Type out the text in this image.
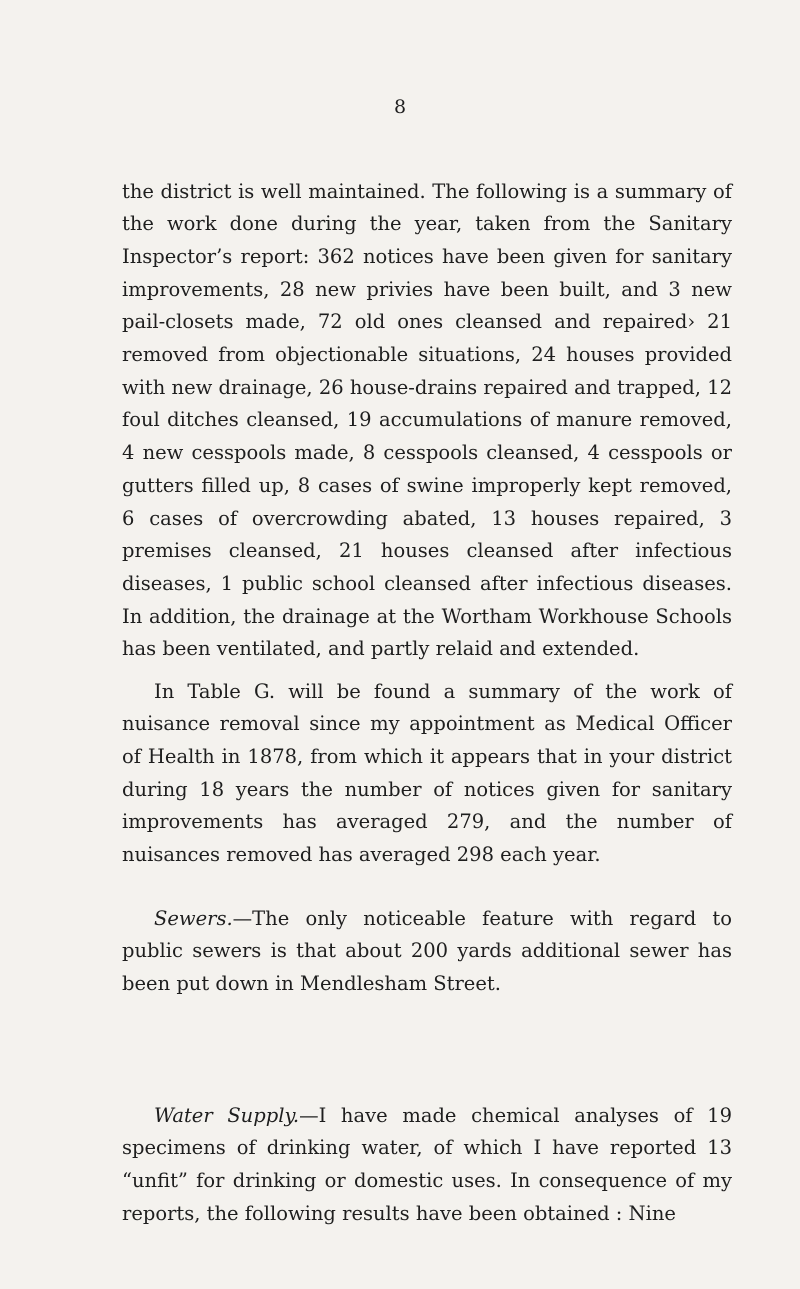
8

the district is well maintained. The following is a summary of the work done during the year, taken from the Sanitary Inspector’s report: 362 notices have been given for sanitary improvements, 28 new privies have been built, and 3 new pail-closets made, 72 old ones cleansed and repaired› 21 removed from objectionable situations, 24 houses provided with new drainage, 26 house-drains repaired and trapped, 12 foul ditches cleansed, 19 accumulations of manure removed, 4 new cesspools made, 8 cesspools cleansed, 4 cesspools or gutters filled up, 8 cases of swine improperly kept removed, 6 cases of overcrowding abated, 13 houses repaired, 3 premises cleansed, 21 houses cleansed after infectious diseases, 1 public school cleansed after infectious diseases. In addition, the drainage at the Wortham Workhouse Schools has been ventilated, and partly relaid and extended.

In Table G. will be found a summary of the work of nuisance removal since my appointment as Medical Officer of Health in 1878, from which it appears that in your district during 18 years the number of notices given for sanitary improvements has averaged 279, and the number of nuisances removed has averaged 298 each year.

Sewers.—The only noticeable feature with regard to public sewers is that about 200 yards additional sewer has been put down in Mendlesham Street.

Water Supply.—I have made chemical analyses of 19 specimens of drinking water, of which I have reported 13 “unfit” for drinking or domestic uses. In consequence of my reports, the following results have been obtained : Nine
